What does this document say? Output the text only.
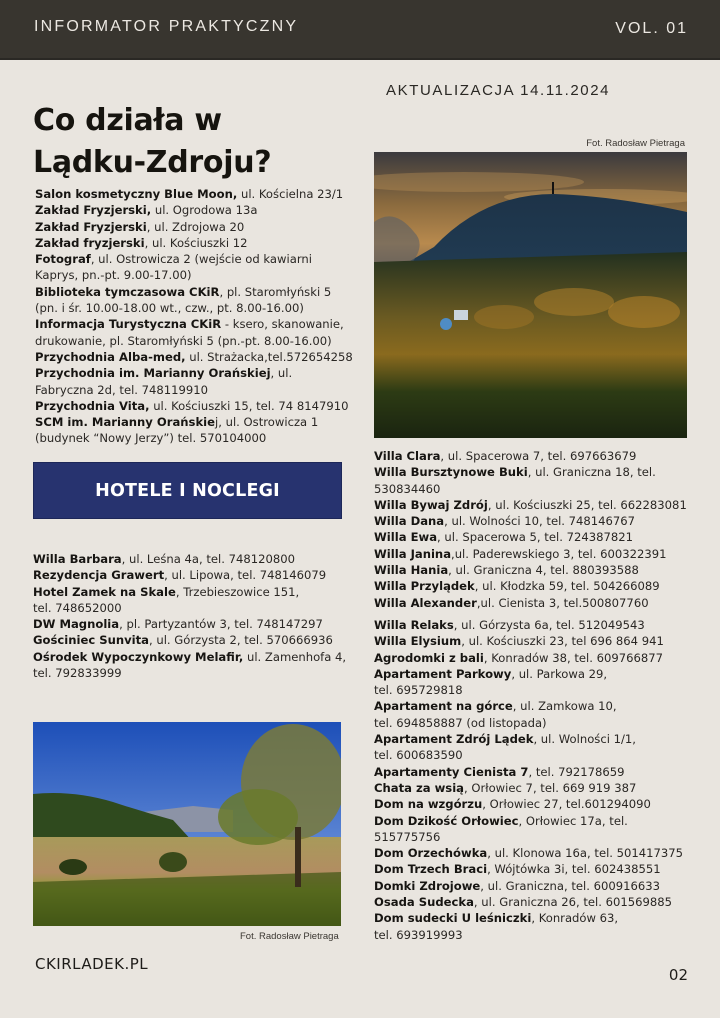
INFORMATOR PRAKTYCZNY	VOL. 01
AKTUALIZACJA 14.11.2024
Co działa w
Lądku-Zdroju?
Salon kosmetyczny Blue Moon, ul. Kościelna 23/1
Zakład Fryzjerski, ul. Ogrodowa 13a
Zakład Fryzjerski, ul. Zdrojowa 20
Zakład fryzjerski, ul. Kościuszki 12
Fotograf, ul. Ostrowicza 2 (wejście od kawiarni
Kaprys, pn.-pt. 9.00-17.00)
Biblioteka tymczasowa CKiR, pl. Staromłyński 5
(pn. i śr. 10.00-18.00 wt., czw., pt. 8.00-16.00)
Informacja Turystyczna CKiR - ksero, skanowanie,
drukowanie, pl. Staromłyński 5 (pn.-pt. 8.00-16.00)
Przychodnia Alba-med, ul. Strażacka,tel.572654258
Przychodnia im. Marianny Orańskiej, ul.
Fabryczna 2d, tel. 748119910
Przychodnia Vita, ul. Kościuszki 15, tel. 74 8147910
SCM im. Marianny Orańskiej, ul. Ostrowicza 1
(budynek “Nowy Jerzy”) tel. 570104000
HOTELE I NOCLEGI
Willa Barbara, ul. Leśna 4a, tel. 748120800
Rezydencja Grawert, ul. Lipowa, tel. 748146079
Hotel Zamek na Skale, Trzebieszowice 151,
tel. 748652000
DW Magnolia, pl. Partyzantów 3, tel. 748147297
Gościniec Sunvita, ul. Górzysta 2, tel. 570666936
Ośrodek Wypoczynkowy Melafir, ul. Zamenhofa 4,
tel. 792833999
Fot. Radosław Pietraga
Villa Clara, ul. Spacerowa 7, tel. 697663679
Willa Bursztynowe Buki, ul. Graniczna 18, tel.
530834460
Willa Bywaj Zdrój, ul. Kościuszki 25, tel. 662283081
Willa Dana, ul. Wolności 10, tel. 748146767
Willa Ewa, ul. Spacerowa 5, tel. 724387821
Willa Janina,ul. Paderewskiego 3, tel. 600322391
Willa Hania, ul. Graniczna 4, tel. 880393588
Willa Przylądek, ul. Kłodzka 59, tel. 504266089
Willa Alexander,ul. Cienista 3, tel.500807760
Willa Relaks, ul. Górzysta 6a, tel. 512049543
Willa Elysium, ul. Kościuszki 23, tel 696 864 941
Agrodomki z bali, Konradów 38, tel. 609766877
Apartament Parkowy, ul. Parkowa 29,
tel. 695729818
Apartament na górce, ul. Zamkowa 10,
tel. 694858887 (od listopada)
Apartament Zdrój Lądek, ul. Wolności 1/1,
tel. 600683590
Apartamenty Cienista 7, tel. 792178659
Chata za wsią, Orłowiec 7, tel. 669 919 387
Dom na wzgórzu, Orłowiec 27, tel.601294090
Dom Dzikość Orłowiec, Orłowiec 17a, tel.
515775756
Dom Orzechówka, ul. Klonowa 16a, tel. 501417375
Dom Trzech Braci, Wójtówka 3i, tel. 602438551
Domki Zdrojowe, ul. Graniczna, tel. 600916633
Osada Sudecka, ul. Graniczna 26, tel. 601569885
Dom sudecki U leśniczki, Konradów 63,
tel. 693919993
Fot. Radosław Pietraga
CKIRLADEK.PL
02
